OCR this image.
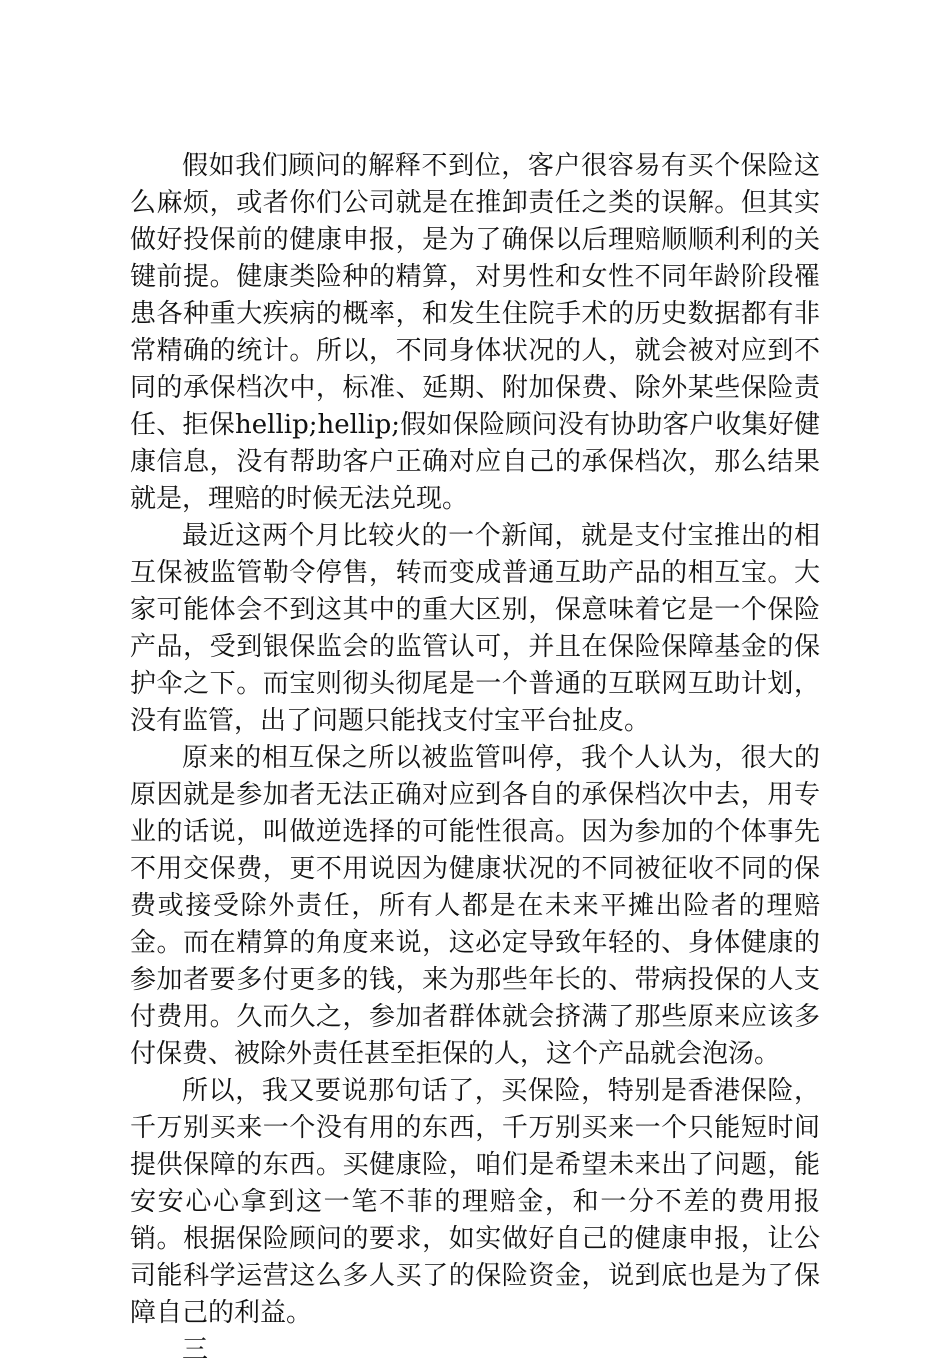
假如我们顾问的解释不到位，客户很容易有买个保险这么麻烦，或者你们公司就是在推卸责任之类的误解。但其实做好投保前的健康申报，是为了确保以后理赔顺顺利利的关键前提。健康类险种的精算，对男性和女性不同年龄阶段罹患各种重大疾病的概率，和发生住院手术的历史数据都有非常精确的统计。所以，不同身体状况的人，就会被对应到不同的承保档次中，标准、延期、附加保费、除外某些保险责任、拒保hellip;hellip;假如保险顾问没有协助客户收集好健康信息，没有帮助客户正确对应自己的承保档次，那么结果就是，理赔的时候无法兑现。

最近这两个月比较火的一个新闻，就是支付宝推出的相互保被监管勒令停售，转而变成普通互助产品的相互宝。大家可能体会不到这其中的重大区别，保意味着它是一个保险产品，受到银保监会的监管认可，并且在保险保障基金的保护伞之下。而宝则彻头彻尾是一个普通的互联网互助计划，没有监管，出了问题只能找支付宝平台扯皮。

原来的相互保之所以被监管叫停，我个人认为，很大的原因就是参加者无法正确对应到各自的承保档次中去，用专业的话说，叫做逆选择的可能性很高。因为参加的个体事先不用交保费，更不用说因为健康状况的不同被征收不同的保费或接受除外责任，所有人都是在未来平摊出险者的理赔金。而在精算的角度来说，这必定导致年轻的、身体健康的参加者要多付更多的钱，来为那些年长的、带病投保的人支付费用。久而久之，参加者群体就会挤满了那些原来应该多付保费、被除外责任甚至拒保的人，这个产品就会泡汤。

所以，我又要说那句话了，买保险，特别是香港保险，千万别买来一个没有用的东西，千万别买来一个只能短时间提供保障的东西。买健康险，咱们是希望未来出了问题，能安安心心拿到这一笔不菲的理赔金，和一分不差的费用报销。根据保险顾问的要求，如实做好自己的健康申报，让公司能科学运营这么多人买了的保险资金，说到底也是为了保障自己的利益。

三
